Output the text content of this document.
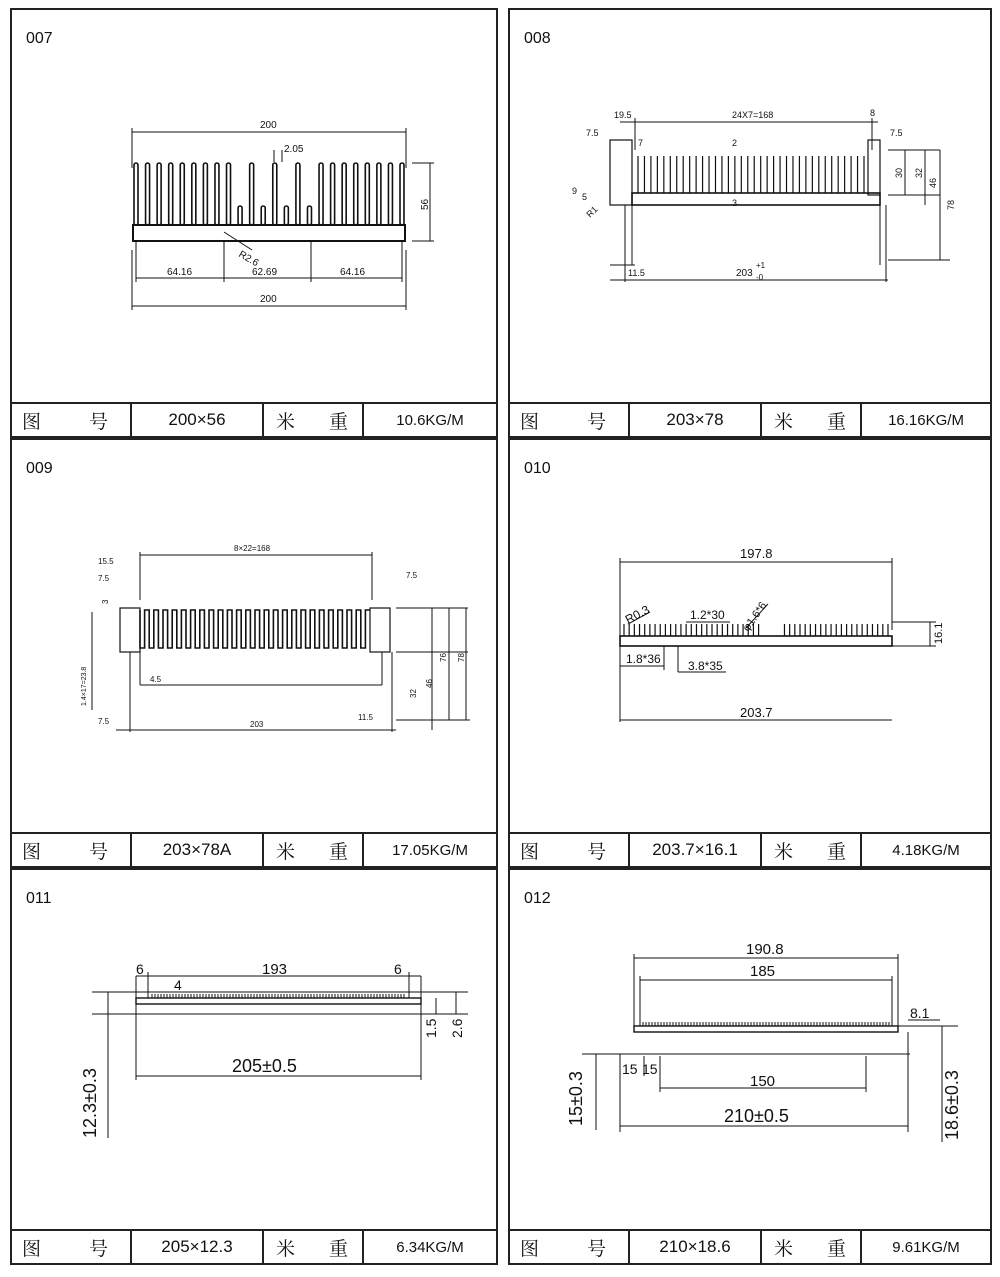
007
200
2.05
56
R2.6
64.16	62.69	64.16
200
图	号	200×56	米 重	10.6KG/M
008
19.5	24X7=168	8
7.5	7.5
7	2
9
5
R1
3
30 32
46
78
11.5	203
+1
-0
图	号	203×78	米 重	16.16KG/M
009
15.5
8×22=168
7.5	7.5
3
1.4×17=23.8	4.5
76 78
46
32
7.5	203
11.5
图	号	203×78A	米 重	17.05KG/M
010
197.8
R0.3	1.2*30 φ1.6*6	16.1
1.8*36 3.8*35
203.7
图	号	203.7×16.1	米 重	4.18KG/M
011
6	193	6
4
1.5 2.6
12.3±0.3
205±0.5
图	号	205×12.3	米 重	6.34KG/M
012
190.8
185
8.1
15 15
150
15±0.3	210±0.5	18.6±0.3
图	号	210×18.6	米 重	9.61KG/M
